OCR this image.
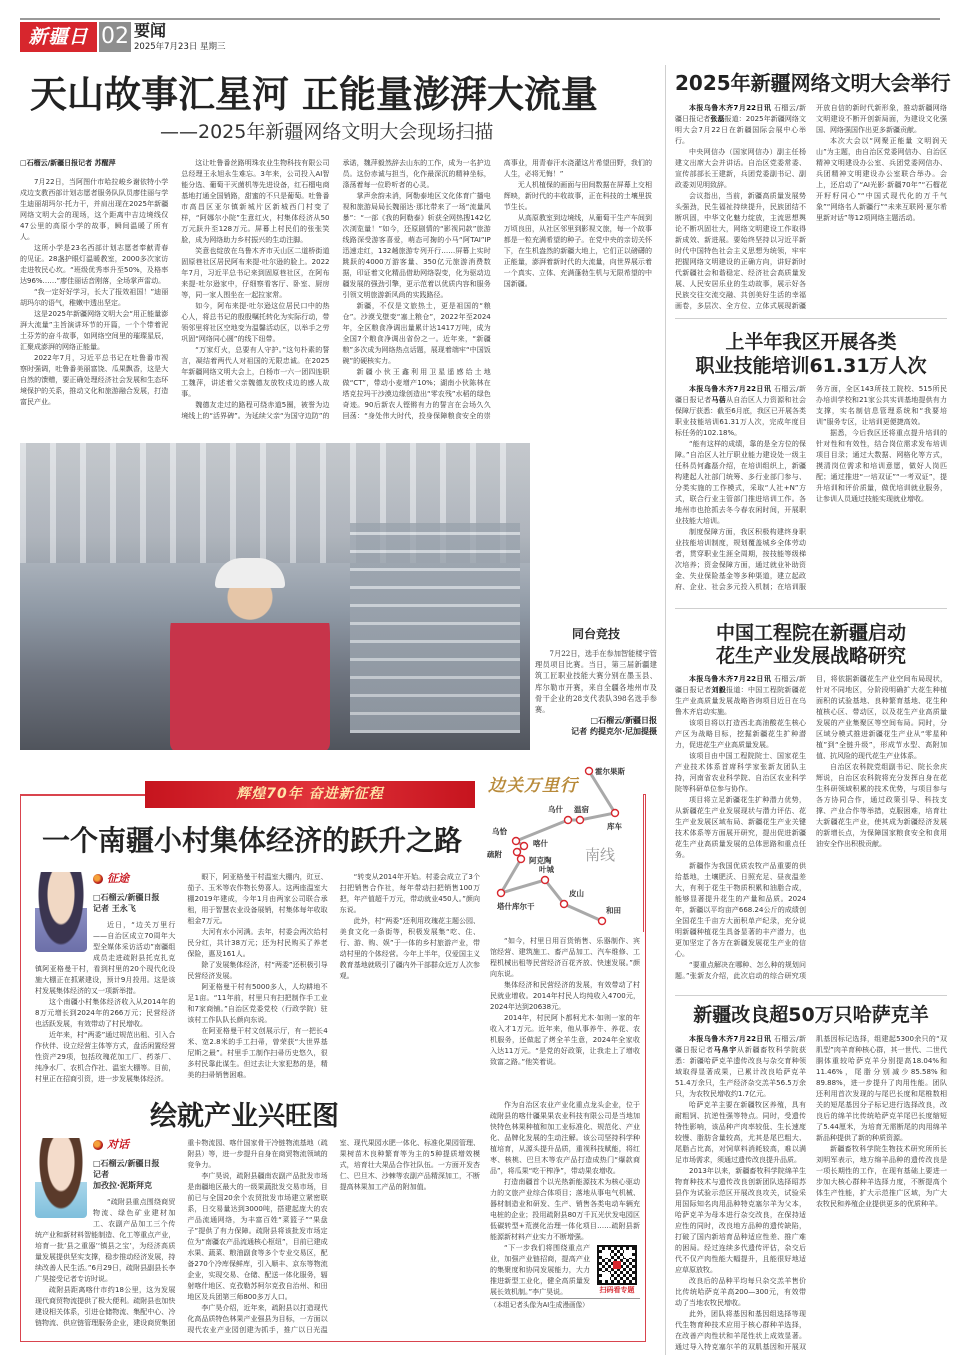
新疆日报
02 要闻
2025年7月23日 星期三
天山故事汇星河 正能量澎湃大流量
——2025年新疆网络文明大会现场扫描

□石榴云/新疆日报记者 苏醒萍

7月22日，当阿图什市哈拉峻乡谢依特小学戍边支教西部计划志愿者服务队队员廖佳丽与学生迪丽胡玛尔·托力干，并肩出现在2025年新疆网络文明大会的现场，这个距离中吉边境线仅47公里的高原小学的故事，瞬间温暖了所有人。

这所小学是23名西部计划志愿者奉献青春的见证。28盏护眼灯温暖教室，2000多次家访走进牧民心坎。“班级优秀率升至50%，及格率达96%……”廖佳丽话音刚落，全场掌声雷动。

“我一定好好学习，长大了报效祖国！”迪丽胡玛尔的语气，稚嫩中透出坚定。

这是2025年新疆网络文明大会“用正能量澎湃大流量”主旨演讲环节的开篇，一个个带着泥土芬芳的奋斗故事，如网络空间里的璀璨星辰，汇聚成澎湃的网络正能量。

2022年7月，习近平总书记在吐鲁番市视察时强调，吐鲁番美丽富饶、瓜果飘香，这是大自然的馈赠，要正确处理经济社会发展和生态环境保护的关系，推动文化和旅游融合发展，打造富民产业。

这让吐鲁番丝路明珠农业生物科技有限公司总经理王永旭永生难忘。3年来，公司投入AI智能分选、葡萄干灭菌机等先进设备，红石榴电商基地打通全国销路，甜蜜的不只是葡萄。吐鲁番市高昌区亚尔镇新城片区新城西门村变了样，“阿娜尔小院”生意红火，村集体经济从50万元跃升至128万元。屏幕上村民们的张张笑脸，成为网络助力乡村振兴的生动注脚。

笑意也绽放在乌鲁木齐市天山区二道桥街道固原巷社区居民阿布来提·吐尔逊的脸上。2022年7月，习近平总书记来到固原巷社区，在阿布来提·吐尔逊家中，仔细察看客厅、卧室、厨房等，同一家人围坐在一起拉家常。

如今，阿布来提·吐尔逊这位居民口中的热心人，将总书记的殷殷嘱托转化为实际行动，带领邻里将社区空地变为温馨活动区，以举手之劳巩固“网络同心圆”的线下纽带。

“万家灯火，总要有人守护。”这句朴素的誓言，凝结着两代人对祖国的无限忠诚。在2025年新疆网络文明大会上，白杨市一六一团四连职工魏萍，讲述着父亲魏德友放牧戍边的感人故事。

魏德友走过的路程可绕赤道5圈，被誉为边境线上的“活界碑”。为延续父亲“为国守边防”的承诺，魏萍毅然辞去山东的工作，成为一名护边员。这份赤诚与担当，化作最深沉的精神坐标，涤荡着每一位聆听者的心灵。

掌声余韵未消，阿勒泰地区文化体育广播电视和旅游局局长魏丽达·那比带来了一场“流量风暴”：“一部《我的阿勒泰》斩获全网热搜142亿次浏览量！”如今，还原剧情的“影视同款”旅游线路深受游客喜爱，萌态可掬的小马“阿TAI”IP迅速走红，132趟旅游专列开行……屏幕上实时跳跃的4000万游客量、350亿元旅游消费数据，印证着文化精品借助网络裂变，化为驱动边疆发展的强劲引擎，更示范着以优质内容和服务引领文明旅游新风尚的实践路径。

新疆，不仅是文旅热土，更是祖国的“粮仓”。沙漠戈壁变“塞上粮仓”，2022年至2024年，全区粮食净调出量累计达1417万吨，成为全国7个粮食净调出省份之一。近年来，“新疆粮”多次成为网络热点话题，展现着端牢“中国饭碗”的硬核实力。

新疆小伙王鑫利用卫星遥感给土地做“CT”，带动小麦增产10%；湖南小伙陈林在塔克拉玛干沙漠边缘创造出“零农残”水稻的绿色奇迹。90后新农人铿锵有力的誓言在会场久久回荡：“身处伟大时代，投身保障粮食安全的崇高事业，用青春汗水浇灌这片希望田野，我们的人生，必将无悔！”

无人机植保的画面与田间数据在屏幕上交相辉映，新时代的丰收故事，正在科技的土壤里拔节生长。

从高原教室到边境线，从葡萄干生产车间到万顷良田，从社区邻里到影视文旅，每一个故事都是一粒充满希望的种子。在党中央的亲切关怀下，在生机盎然的新疆大地上，它们正以磅礴的正能量，澎湃着新时代的大流量，向世界展示着一个真实、立体、充满蓬勃生机与无限希望的中国新疆。

同台竞技

7月22日，选手在参加智能楼宇管理员项目比赛。当日，第三届新疆建筑工匠职业技能大赛分别在墨玉县、库尔勒市开赛，来自全疆各地州市及骨干企业的28支代表队398名选手参赛。

□石榴云/新疆日报
记者 约提克尔·尼加提摄
2025年新疆网络文明大会举行

本报乌鲁木齐7月22日讯 石榴云/新疆日报记者张磊报道：2025年新疆网络文明大会7月22日在新疆国际会展中心举行。

中央网信办（国家网信办）副主任杨建文出席大会并讲话。自治区党委常委、宣传部部长王建新，兵团党委副书记、副政委刘见明致辞。

会议指出，当前，新疆高质量发展势头强劲，民生福祉持续提升，民族团结不断巩固，中华文化魅力绽放，主流思想舆论不断巩固壮大，网络文明建设工作取得新成效、新进展。要始终坚持以习近平新时代中国特色社会主义思想为统领，牢牢把握网络文明建设的正确方向，讲好新时代新疆社会和谐稳定、经济社会高质量发展、人民安居乐业的生动故事，展示好各民族交往交流交融、共创美好生活的幸福画卷，多层次、全方位、立体式展现新疆开放自信的新时代新形象，推动新疆网络文明建设不断开创新局面，为建设文化强国、网络强国作出更多新疆贡献。

本次大会以“网聚正能量 文明润天山”为主题，由自治区党委网信办、自治区精神文明建设办公室、兵团党委网信办、兵团精神文明建设办公室联合举办。会上，还启动了“AI光影·新疆70年”“石榴花开籽籽同心”“中国式现代化的万千气象”“网络名人新疆行”“未来互联网·夏尔希里新对话”等12项网络主题活动。

上半年我区开展各类
职业技能培训61.31万人次

本报乌鲁木齐7月22日讯 石榴云/新疆日报记者马蓓从自治区人力资源和社会保障厅获悉：截至6月底，我区已开展各类职业技能培训61.31万人次，完成年度目标任务的102.18%。

“能有这样的成绩，靠的是全方位的保障。”自治区人社厅职业能力建设处一级主任科员何鑫磊介绍，在培训组织上，新疆构建起人社部门统筹、多行业部门参与、分类实施的工作模式，采取“人社+N”方式，联合行业主管部门推进培训工作。各地州市也抢抓去冬今春农闲时间，开展职业技能大培训。

制度保障方面，我区积极构建终身职业技能培训制度，规划覆盖城乡全体劳动者，贯穿职业生涯全周期，按技能等级梯次培养；资金保障方面，通过就业补助资金、失业保险基金等多种渠道，建立起政府、企业、社会多元投入机制；在培训服务方面，全区143所技工院校、515所民办培训学校和21家公共实训基地提供有力支撑，实名制信息管理系统和“我要培训”服务专区，让培训更便捷高效。

据悉，今后我区还将重点提升培训的针对性和有效性，结合岗位需求发布培训项目目录；通过大数据、网格化等方式，摸清岗位需求和培训意愿，做好人岗匹配；通过推进“一培双证”“一考双证”，提升培训和评价质量，做优培训就业服务，让参训人员通过技能实现就业增收。

中国工程院在新疆启动
花生产业发展战略研究

本报乌鲁木齐7月22日讯 石榴云/新疆日报记者刘毅报道：中国工程院新疆花生产业高质量发展战略咨询项目近日在乌鲁木齐启动实施。

该项目将以打造西北高油酸花生核心产区为战略目标，挖掘新疆花生扩种潜力，促进花生产业高质量发展。

该项目由中国工程院院士、国家花生产业技术体系首席科学家张新友团队主持，河南省农业科学院、自治区农业科学院等科研单位参与协作。

项目将立足新疆花生扩种潜力优势，从新疆花生产业发展现状与潜力评估、花生产业发展区域布局、新疆花生产业关键技术体系等方面展开研究，提出促进新疆花生产业高质量发展的总体思路和重点任务。

新疆作为我国优质农牧产品重要的供给基地，土壤肥沃、日照充足、昼夜温差大，有利于花生干物质积累和油脂合成，能够显著提升花生的产量和品质。2024年，新疆以平均亩产668.24公斤的成绩创全国花生千亩方大面积单产纪录，充分说明新疆种植花生具备显著的丰产潜力，也更加坚定了各方在新疆发展花生产业的信心。

“要重点解决在哪种、怎么种的规划问题。”张新友介绍，此次启动的综合研究项目，将依据新疆花生产业空间布局现状，针对不同地区，分阶段明确扩大花生种植面积的试验基地、良种繁育基地、花生种植核心区、带动区，以及花生产业高质量发展的产业集聚区等空间布局。同时，分区域分模式推进新疆花生产业从“零星种植”到“全链升级”，形成节水型、高附加值、抗风险的现代花生产业体系。

自治区农科院党组副书记、院长余庆辉说，自治区农科院将充分发挥自身在花生科研领域积累的技术优势，与项目参与各方协同合作，通过政策引导、科技支撑、产业合作等举措，克服困难，培育壮大新疆花生产业，使其成为新疆经济发展的新增长点，为保障国家粮食安全和食用油安全作出积极贡献。

新疆改良超50万只哈萨克羊

本报乌鲁木齐7月22日讯 石榴云/新疆日报记者马帛宇从新疆畜牧科学院获悉：新疆哈萨克羊遗传改良与杂交育种领域取得显著成果，已累计改良哈萨克羊51.4万余只，生产经济杂交羔羊56.5万余只，为农牧民增收约1.7亿元。

哈萨克羊主要在新疆牧区养殖，具有耐粗饲、抗逆性强等特点。同时，受遗传特性影响，该品种产肉率较低、生长速度较慢、脂肪含量较高，尤其是尾巴粗大、尾脂占比高，对饲草料消耗较高，难以满足市场需求，须通过遗传改良提升品质。

2013年以来，新疆畜牧科学院绵羊生物育种技术与遗传改良创新团队选择昭苏县作为试验示范区开展改良攻关，试验采用国际知名肉用品种特克塞尔羊为父本，哈萨克羊为母本进行杂交改良，在保持适应性的同时，改良地方品种的遗传缺陷，打破了国内新培育品种适应性差、推广难的困局。经过连续多代遗传评估，杂交后代不仅产肉性能大幅提升，且能很好地适应草原放牧。

改良后的品种平均每只杂交羔羊售价比传统哈萨克羊高200—300元，有效带动了当地农牧民增收。

此外，团队将基因和基因组选择等现代生物育种技术应用于核心群种羊选择，在改善产肉性状和羊尾性状上成效显著。通过导入特克塞尔羊的双肌基因和开展双肌基因标记选择，组建起5300余只的“双肌型”肉羊育种核心群，其一世代、二世代胴体重较哈萨克羊分别提高18.04%和11.46%，尾脂分别减少85.58%和89.88%，进一步提升了肉用性能。团队还利用首次发现的与尾巴长度和尾椎数相关的短尾基因分子标记进行选择改良，改良后的绵羊比传统哈萨克羊尾巴长度缩短了5.44厘米，为培育无需断尾的肉用绵羊新品种提供了新的种质资源。

新疆畜牧科学院生物技术研究所所长刘明军表示，地方绵羊品种的遗传改良是一项长期性的工作，在现有基础上要进一步加大核心群种羊选择力度，不断提高个体生产性能，扩大示范推广区域，为广大农牧民和养殖企业提供更多的优质种羊。

辉煌70年 奋进新征程
一个南疆小村集体经济的跃升之路
边关万里行
霍尔果斯
库车
温宿
乌什
乌恰
喀什
疏附
阿克陶
塔什库尔干
叶城
皮山
和田
南线
征途
□石榴云/新疆日报
记者 王永飞

近日，“边关万里行——自治区成立70周年大型全媒体采访活动”南疆组成员走进疏附县托克扎克镇阿亚格曼干村，看到村里的20个现代化设施大棚正在抓紧建设，预计9月投用。这是该村发展集体经济的又一项新举措。

这个南疆小村集体经济收入从2014年的8万元增长到2024年的266万元；民营经济也活跃发展，有效带动了村民增收。

近年来，村“两委”通过规范出租、引入合作伙伴、设立经营主体等方式，盘活闲置经营性资产29项，包括玫瑰花加工厂、药茶厂、纯净水厂、农机合作社、温室大棚等。目前，村里正在招商引资，进一步发展集体经济。

眼下，阿亚格曼干村温室大棚内，豇豆、茄子、玉米等农作物长势喜人。这两座温室大棚2019年建成，今年1月由两家公司联合承租，用于智慧农业设备展销，村集体每年收取租金7万元。

大河有水小河满。去年，村委会两次给村民分红，共计38万元；还为村民购买了养老保险，惠及161人。

除了发展集体经济，村“两委”还积极引导民营经济发展。

阿亚格曼干村有5000多人，人均耕地不足1亩。“11年前，村里只有扫把制作手工业和7家商铺。”自治区党委党校（行政学院）驻该村工作队队长颜向东说。

在阿亚格曼干村文创展示厅，有一把长4米、宽2.8米的手工扫帚，曾荣获“大世界基尼斯之最”。村里手工制作扫帚历史悠久，很多村民靠此谋生。但过去让大家犯愁的是，精美的扫帚销售困难。

“转变从2014年开始。村委会成立了3个扫把销售合作社，每年带动扫把销售100万把，年产值超千万元，带动就业450人。”颜向东说。

此外，村“两委”还利用玫瑰花主题公园、美食文化一条街等，积极发展集“吃、住、行、游、购、娱”于一体的乡村旅游产业，带动村里的个体经营。今年上半年，仅爱国主义教育基地就吸引了疆内外干部群众近万人次参观。

“如今，村里日用百货销售、乐器制作、宾馆经营、建筑施工、畜产品加工、汽车维修、工程机械出租等民营经济百花齐放、快速发展。”颜向东说。

集体经济和民营经济的发展，有效带动了村民就业增收。2014年村民人均纯收入4700元，2024年达到20638元。

2014年，村民阿卜都柯尤木·如则一家的年收入才1万元。近年来，他从事养牛、养花、农机服务，还做起了烤全羊生意，2024年全家收入达11万元。“是党的好政策，让我走上了增收致富之路。”他笑着说。

绘就产业兴旺图
对话
□石榴云/新疆日报
记者
加孜拉·泥斯拜克

“疏附县重点围绕商贸物流、绿色矿业建材加工、农副产品加工三个传统产业和新材料智能制造、化工等重点产业，培育一批‘县之重器’‘镇县之宝’，为经济高质量发展提供坚实支撑，稳步推动经济发展，持续改善人民生活。”6月29日，疏附县副县长李广昊接受记者专访时说。

疏附县距离喀什市约18公里，这为发展现代商贸物流提供了极大便利。疏附县也加快建设相关体系，引进仓储物流、集配中心、冷链物流、供应链管理服务企业，建设商贸集团重卡物流园、喀什国家骨干冷链物流基地（疏附县）等，进一步提升自身在商贸物流领域的竞争力。

李广昊说，疏附县疆南农副产品批发市场是南疆地区最大的一级果蔬批发交易市场，目前已与全国20余个农贸批发市场建立紧密联系，日交易量达到3000吨，搭建起庞大的农产品流通网络，为丰富百姓“菜篮子”“果盘子”提供了有力保障。疏附县将该批发市场定位为“南疆农产品流通核心枢纽”，目前已建成水果、蔬菜、粮油副食等多个专业交易区，配备270个冷库保鲜库，引入顺丰、京东等物流企业，实现交易、仓储、配送一体化服务，辐射喀什地区、克孜勒苏柯尔克孜自治州、和田地区及兵团第三师800多万人口。

李广昊介绍，近年来，疏附县以打造现代化高品质特色林果产业强县为目标，一方面以现代农业产业园创建为抓手，推广以日光温室、现代果园水肥一体化、标准化果园管理、果树苗木良种繁育等为主的5种提质增效模式，培育壮大果品合作社队伍。一方面开发杏仁、巴旦木、沙棘等农副产品精深加工，不断提高林果加工产品的附加值。

作为自治区农业产业化重点龙头企业，位于疏附县的喀什疆果果农业科技有限公司是当地加快特色林果种植和加工业标准化、规范化、产业化、品牌化发展的生动注解。该公司坚持科学种植培育，从源头提升品质，重视科技赋能，将红枣、核桃、巴旦木等农产品打造成热门“爆款商品”，将瓜果“吃干榨净”，带动果农增收。

打造南疆首个以光热新能源技术为核心驱动力的文旅产业综合体项目；落地从事电气机械、器材制造业和研发、生产、销售各类电动车辆充电桩的企业；投用疏附县80万千瓦光伏发电园区低碳转型+荒漠化治理一体化项目……疏附县新能源新材料产业实力不断增强。

扫码看专题

“下一步我们将围绕重点产业，加强产业链招商，提高产业的集聚度和协同发展能力，大力推进新型工业化，健全高质量发展长效机制。”李广昊说。

（本组记者头像为AI生成漫画像）
